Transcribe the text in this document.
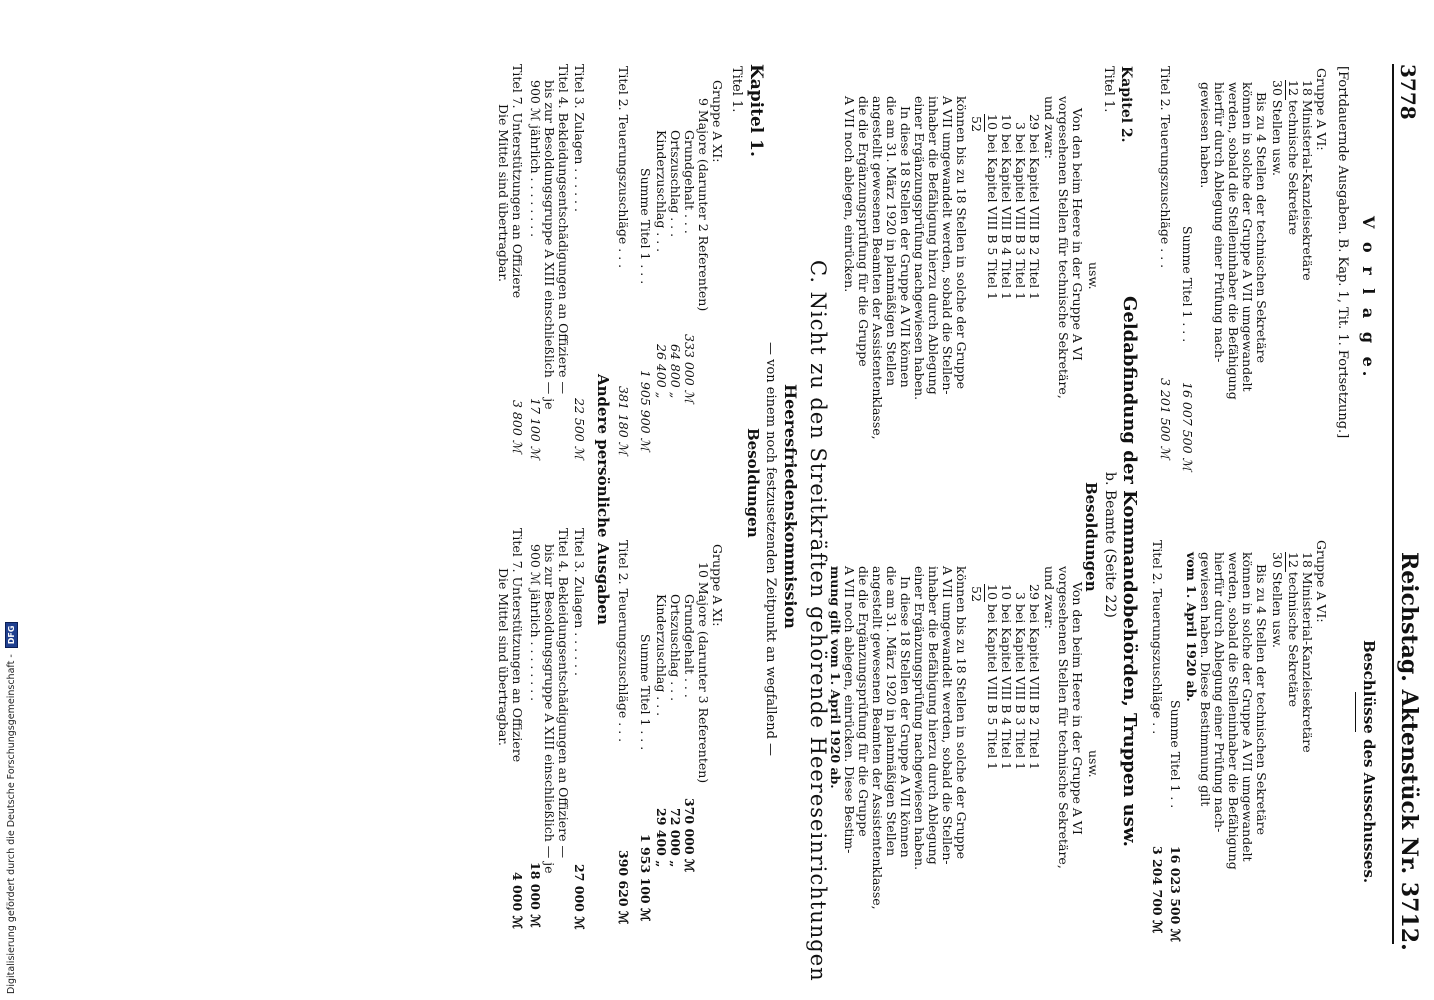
3778
Reichstag. Aktenstück Nr. 3712.
V o r l a g e.
[Fortdauernde Ausgaben. B. Kap. 1, Tit. 1. Fortsetzung.]
Gruppe A VI:
18 Ministerial-Kanzleisekretäre
12 technische Sekretäre
30 Stellen usw.
Bis zu 4 Stellen der technischen Sekretäre
können in solche der Gruppe A VII umgewandelt
werden, sobald die Stelleninhaber die Befähigung
hierfür durch Ablegung einer Prüfung nach-
gewiesen haben.
Summe Titel 1 . . .
16 007 500 ℳ
Titel 2. Teuerungszuschläge . . .
3 201 500 ℳ
usw.
Von den beim Heere in der Gruppe A VI
vorgesehenen Stellen für technische Sekretäre,
und zwar:
29 bei Kapitel VIII B 2 Titel 1
3 bei Kapitel VIII B 3 Titel 1
10 bei Kapitel VIII B 4 Titel 1
10 bei Kapitel VIII B 5 Titel 1
52
können bis zu 18 Stellen in solche der Gruppe
A VII umgewandelt werden, sobald die Stellen-
inhaber die Befähigung hierzu durch Ablegung
einer Ergänzungsprüfung nachgewiesen haben.
In diese 18 Stellen der Gruppe A VII können
die am 31. März 1920 in planmäßigen Stellen
angestellt gewesenen Beamten der Assistentenklasse,
die die Ergänzungsprüfung für die Gruppe
A VII noch ablegen, einrücken.
Beschlüsse des Ausschusses.
Gruppe A VI:
18 Ministerial-Kanzleisekretäre
12 technische Sekretäre
30 Stellen usw.
Bis zu 4 Stellen der technischen Sekretäre
können in solche der Gruppe A VII umgewandelt
werden, sobald die Stelleninhaber die Befähigung
hierfür durch Ablegung einer Prüfung nach-
gewiesen haben. Diese Bestimmung gilt
vom 1. April 1920 ab.
Summe Titel 1 . .
16 023 500 ℳ
Titel 2. Teuerungszuschläge . .
3 204 700 ℳ
usw.
Von den beim Heere in der Gruppe A VI
vorgesehenen Stellen für technische Sekretäre,
und zwar:
29 bei Kapitel VIII B 2 Titel 1
3 bei Kapitel VIII B 3 Titel 1
10 bei Kapitel VIII B 4 Titel 1
10 bei Kapitel VIII B 5 Titel 1
52
können bis zu 18 Stellen in solche der Gruppe
A VII umgewandelt werden, sobald die Stellen-
inhaber die Befähigung hierzu durch Ablegung
einer Ergänzungsprüfung nachgewiesen haben.
In diese 18 Stellen der Gruppe A VII können
die am 31. März 1920 in planmäßigen Stellen
angestellt gewesenen Beamten der Assistentenklasse,
die die Ergänzungsprüfung für die Gruppe
A VII noch ablegen, einrücken. Diese Bestim-
mung gilt vom 1. April 1920 ab.
Kapitel 2.
Geldabfindung der Kommandobehörden, Truppen usw.
Titel 1.
b. Beamte (Seite 22)
Besoldungen
C. Nicht zu den Streitkräften gehörende Heereseinrichtungen
Heeresfriedenskommission
— von einem noch festzusetzenden Zeitpunkt an wegfallend —
Kapitel 1.
Besoldungen
Titel 1.
Gruppe A XI:
9 Majore (darunter 2 Referenten)
Grundgehalt . . .
333 000 ℳ
Ortszuschlag . . .
64 800 „
Kinderzuschlag . . .
26 400 „
Summe Titel 1 . . .
1 905 900 ℳ
Titel 2. Teuerungszuschläge . . .
381 180 ℳ
Andere persönliche Ausgaben
Titel 3. Zulagen . . . . . .
22 500 ℳ
Titel 4. Bekleidungsentschädigungen an Offiziere —
bis zur Besoldungsgruppe A XIII einschließlich — je
900 ℳ jährlich . . . . . . . .
17 100 ℳ
Titel 7. Unterstützungen an Offiziere
3 800 ℳ
Die Mittel sind übertragbar.
Gruppe A XI:
10 Majore (darunter 3 Referenten)
Grundgehalt . . .
370 000 ℳ
Ortszuschlag . . .
72 000 „
Kinderzuschlag . . .
29 400 „
Summe Titel 1 . . .
1 953 100 ℳ
Titel 2. Teuerungszuschläge . . .
390 620 ℳ
Titel 3. Zulagen . . . . . .
27 000 ℳ
Titel 4. Bekleidungsentschädigungen an Offiziere —
bis zur Besoldungsgruppe A XIII einschließlich — je
900 ℳ jährlich . . . . . . . .
18 000 ℳ
Titel 7. Unterstützungen an Offiziere
4 000 ℳ
Die Mittel sind übertragbar.
Digitalisierung gefördert durch die Deutsche Forschungsgemeinschaft -
DFG
